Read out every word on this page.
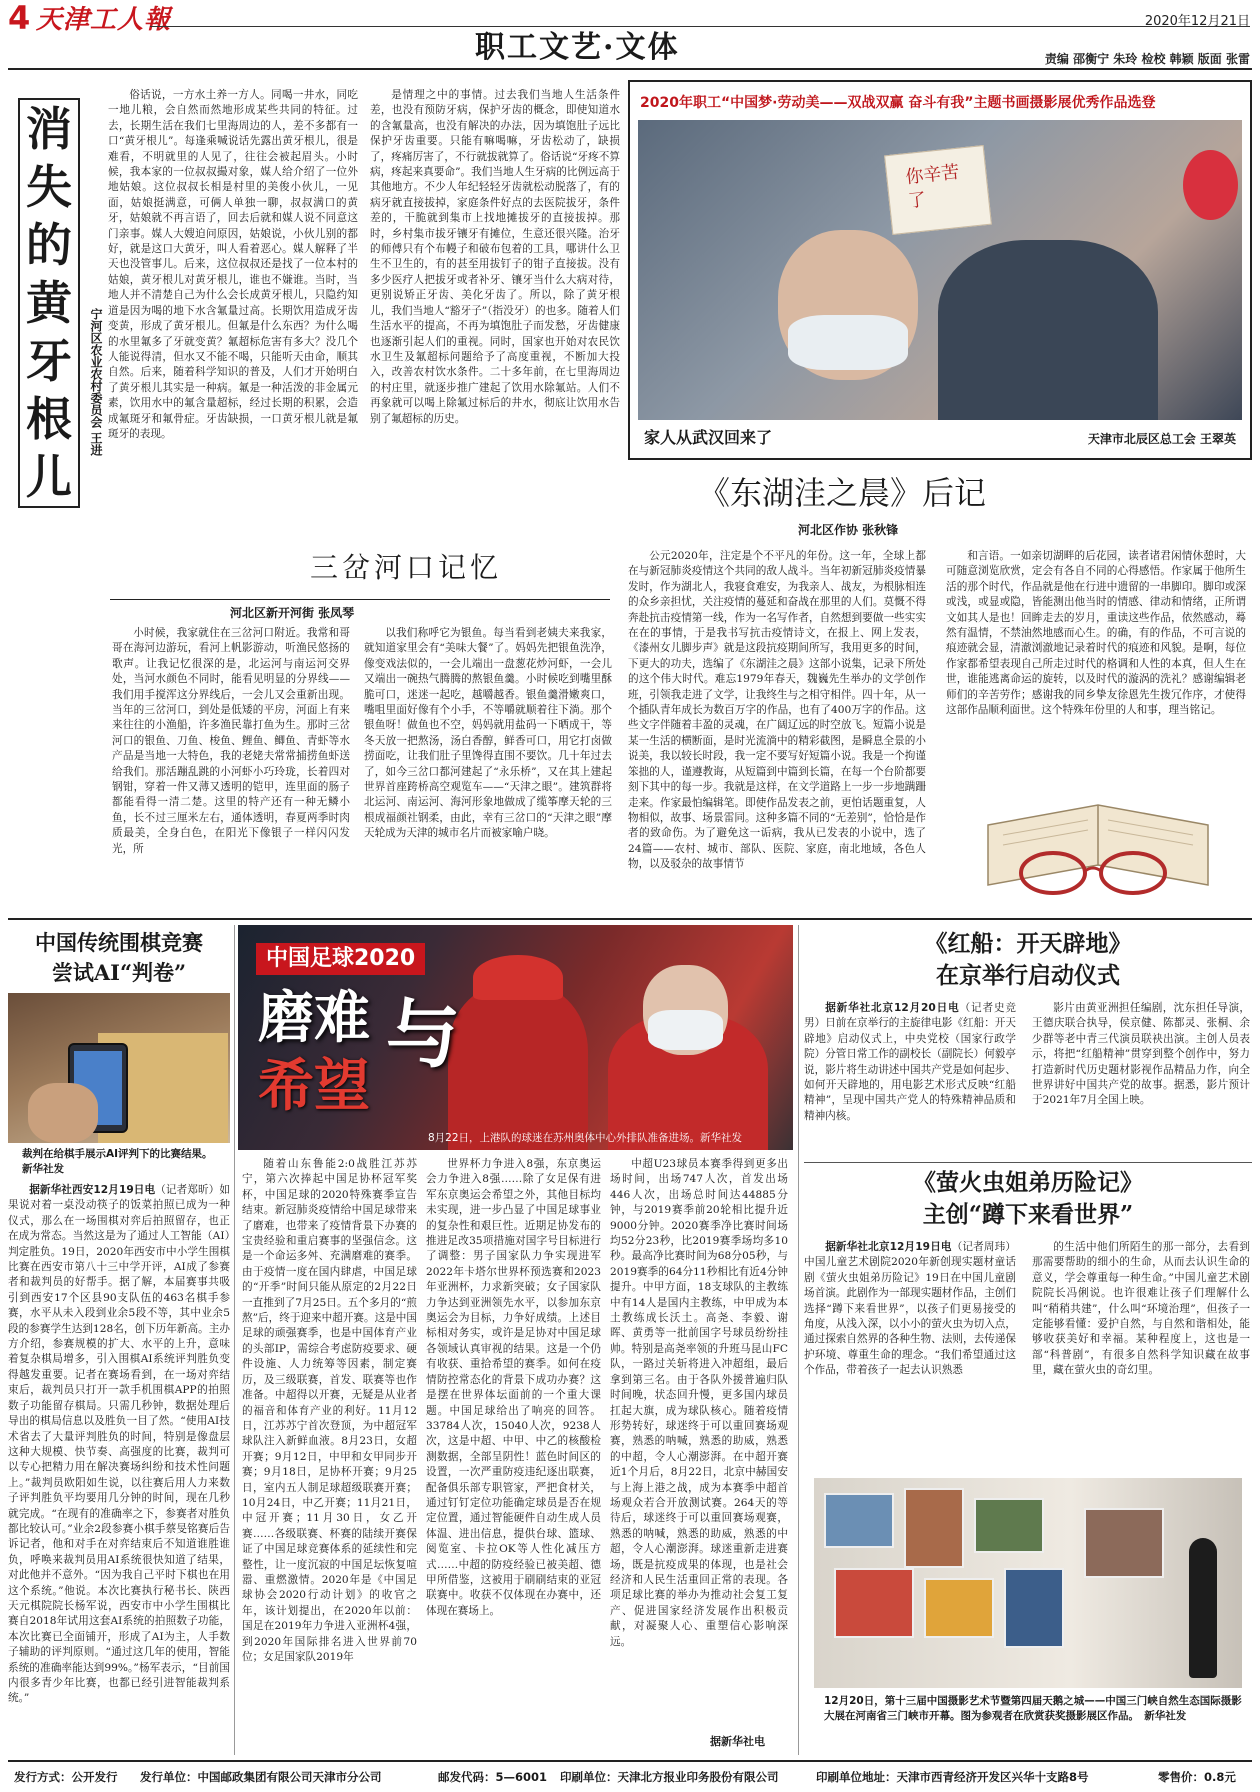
4 天津工人報	2020年12月21日
职工文艺·文体	责编 邵衡宁 朱玲 检校 韩颖 版面 张雷
消
失
的
黄
牙
根
儿
宁河区农业农村委员会 王进
俗话说，一方水土养一方人。同喝一井水，同吃一地儿粮，会自然而然地形成某些共同的特征。过去，长期生活在我们七里海周边的人，差不多都有一口“黄牙根儿”。每逢乘喊说话先露出黄牙根儿，很是难看，不明就里的人见了，往往会被起眉头。小时候，我本家的一位叔叔撮对象，媒人给介绍了一位外地姑娘。这位叔叔长相是村里的美俊小伙儿，一见面，姑娘挺满意，可俩人单独一聊，叔叔满口的黄牙，姑娘就不再言语了，回去后就和媒人说不同意这门亲事。媒人大嫂迫问原因，姑娘说，小伙儿别的都好，就是这口大黄牙，叫人看着恶心。媒人解释了半天也没管事儿。后来，这位叔叔还是找了一位本村的姑娘，黄牙根儿对黄牙根儿，谁也不嫌谁。当时，当地人并不清楚自己为什么会长成黄牙根儿，只隐约知道是因为喝的地下水含氟量过高。长期饮用造成牙齿变黄，形成了黄牙根儿。但氟是什么东西？为什么喝的水里氟多了牙就变黄？氟超标危害有多大？没几个人能说得清，但水又不能不喝，只能听天由命，顺其自然。后来，随着科学知识的普及，人们才开始明白了黄牙根儿其实是一种病。氟是一种活泼的非金属元素，饮用水中的氟含量超标，经过长期的积累，会造成氟斑牙和氟骨症。牙齿缺损，一口黄牙根儿就是氟斑牙的表现。
是情理之中的事情。过去我们当地人生活条件差，也没有预防牙病，保护牙齿的概念，即使知道水的含氟量高，也没有解决的办法，因为填饱肚子远比保护牙齿重要。只能有嘛喝嘛，牙齿松动了，缺损了，疼痛厉害了，不行就拔就算了。俗话说“牙疼不算病，疼起来真要命”。我们当地人生牙病的比例远高于其他地方。不少人年纪轻轻牙齿就松动脱落了，有的病牙就直接拔掉，家庭条件好点的去医院拔牙，条件差的，干脆就到集市上找地摊拔牙的直接拔掉。那时，乡村集市拔牙镶牙有摊位，生意还很兴隆。治牙的师傅只有个布幔子和破布包着的工具，哪讲什么卫生不卫生的，有的甚至用拔钉子的钳子直接拔。没有多少医疗人把拔牙或者补牙、镶牙当什么大病对待，更别说矫正牙齿、美化牙齿了。所以，除了黄牙根儿，我们当地人“豁牙子”（指没牙）的也多。随着人们生活水平的提高，不再为填饱肚子而发愁，牙齿健康也逐渐引起人们的重视。同时，国家也开始对农民饮水卫生及氟超标问题给予了高度重视，不断加大投入，改善农村饮水条件。二十多年前，在七里海周边的村庄里，就逐步推广建起了饮用水除氟站。人们不再象就可以喝上除氟过标后的井水，彻底让饮用水告别了氟超标的历史。
2020年职工“中国梦·劳动美——双战双赢 奋斗有我”主题书画摄影展优秀作品选登
你辛苦了
家人从武汉回来了	天津市北辰区总工会 王翠英
《东湖洼之晨》后记
河北区作协 张秋锋
公元2020年，注定是个不平凡的年份。这一年，全球上都在与新冠肺炎疫情这个共同的敌人战斗。当年初新冠肺炎疫情暴发时，作为湖北人，我寝食难安，为我亲人、战友，为根脉相连的众乡亲担忧，关注疫情的蔓延和奋战在那里的人们。莫慨不得奔赴抗击疫情第一线，作为一名写作者，自然想到要做一些实实在在的事情，于是我书写抗击疫情诗文，在报上、网上发表，《漆州女儿脚步声》就是这段抗疫期间所写，我用更多的时间，下更大的功夫，选编了《东湖洼之晨》这部小说集，记录下所处的这个伟大时代。难忘1979年春天，魏巍先生举办的文学创作班，引领我走进了文学，让我终生与之相守相伴。四十年，从一个插队青年成长为数百万字的作品，也有了400万字的作品。这些文字伴随着丰盈的灵魂，在广阔辽远的时空放飞。短篇小说是某一生活的横断面，是时光流淌中的精彩截图，是瞬息全景的小说美，我以较长时段，我一定不要写好短篇小说。我是一个拘谨笨拙的人，谨遵教诲，从短篇到中篇到长篇，在每一个台阶都要刻下其中的每一步。我就是这样，在文学道路上一步一步地蹒跚走来。作家最怕编辑笔。即使作品发表之前，更怕话题重复，人物相似，故事、场景雷同。这种多篇不同的“无差别”，恰恰是作者的致命伤。为了避免这一诟病，我从已发表的小说中，选了24篇——农村、城市、部队、医院、家庭，南北地域，各色人物，以及驳杂的故事情节
和言语。一如亲切湖畔的后花园，读者诸君闲情休憩时，大可随意浏览欣赏，定会有各自不同的心得感悟。作家属于他所生活的那个时代，作品就是他在行进中遗留的一串脚印。脚印或深或浅，或显或隐，皆能测出他当时的情感、律动和情绪，正所谓文如其人是也！回眸走去的岁月，重读这些作品，依然感动，蓦然有温情，不禁油然地感而心生。的确，有的作品，不可言说的痕迹就会显，清澈浏澈地记录着时代的痕迹和风貌。是啊，每位作家都希望表现自己所走过时代的格调和人性的本真，但人生在世，谁能逃离命运的旋转，以及时代的漩涡的洗礼？感谢编辑老师们的辛苦劳作；感谢我的同乡挚友徐恩先生拨冗作序，才使得这部作品顺利面世。这个特殊年份里的人和事，理当铭记。
三岔河口记忆
河北区新开河街 张凤琴
小时候，我家就住在三岔河口附近。我常和哥哥在海河边游玩，看河上帆影游动，听渔民悠扬的歌声。让我记忆很深的是，北运河与南运河交界处，当河水颜色不同时，能看见明显的分界线——我们用手搅浑这分界线后，一会儿又会重新出现。当年的三岔河口，到处是低矮的平房，河面上有来来往往的小渔船，许多渔民靠打鱼为生。那时三岔河口的银鱼、刀鱼、梭鱼、鲤鱼、鲫鱼、青虾等水产品是当地一大特色，我的老姥夫常常捕捞鱼虾送给我们。那活蹦乱跳的小河虾小巧玲珑，长着四对钢钳，穿着一件又薄又透明的铠甲，连里面的肠子都能看得一清二楚。这里的特产还有一种无鳞小鱼，长不过三厘米左右，通体透明，春夏两季时肉质最美，全身白色，在阳光下像银子一样闪闪发光，所
以我们称呼它为银鱼。每当看到老姨夫来我家，就知道家里会有“美味大餐”了。妈妈先把银鱼洗净，像变戏法似的，一会儿端出一盘葱花炒河虾，一会儿又端出一碗热气腾腾的熬银鱼羹。小时候吃到嘴里酥脆可口，迷迷一起吃，越嚼越香。银鱼羹滑嫩爽口，嘴咀里面好像有个小手，不等嚼就顺着往下淌。那个银鱼呀！做鱼也不空，妈妈就用盐码一下晒成干，等冬天放一把熬汤，汤白香醇，鲜香可口，用它打卤做捞面吃，让我们肚子里馋得直围不要饮。几十年过去了，如今三岔口都河建起了“永乐桥”，又在其上建起世界首座跨桥高空观览车——“天津之眼”。建筑群将北运河、南运河、海河形象地做成了缆筝摩天轮的三根成福颜社钢柔，由此，幸有三岔口的“天津之眼”摩天轮成为天津的城市名片而被家喻户晓。
中国传统围棋竞赛
尝试AI“判卷”
裁判在给棋手展示AI评判下的比赛结果。　新华社发
据新华社西安12月19日电（记者郑昕）如果说对着一桌没动筷子的饭菜拍照已成为一种仪式，那么在一场围棋对弈后拍照留存，也正在成为常态。当然这是为了通过人工智能（AI）判定胜负。19日，2020年西安市中小学生围棋比赛在西安市第八十三中学开评，AI成了参赛者和裁判员的好帮手。据了解，本届赛事共吸引到西安17个区县90支队伍的463名棋手参赛，水平从未入段到业余5段不等，其中业余5段的参赛学生达到128名，创下历年新高。主办方介绍，参赛规模的扩大、水平的上升，意味着复杂棋局增多，引入围棋AI系统评判胜负变得越发重要。记者在赛场看到，在一场对弈结束后，裁判员只打开一款手机围棋APP的拍照数子功能留存棋局。只需几秒钟，数据处理后导出的棋局信息以及胜负一目了然。“使用AI技术省去了大量评判胜负的时间，特别是像盘层这种大规模、快节奏、高强度的比赛，裁判可以专心把精力用在解决赛场纠纷和技术性问题上。”裁判员欧阳如生说，以往赛后用人力来数子评判胜负平均要用几分钟的时间，现在几秒就完成。“在现有的准确率之下，参赛者对胜负都比较认可。”业余2段参赛小棋手蔡旻铭赛后告诉记者，他和对手在对弈结束后不知道谁胜谁负，呼唤来裁判员用AI系统很快知道了结果，对此他并不意外。“因为我自己平时下棋也在用这个系统。”他说。本次比赛执行秘书长、陕西天元棋院院长杨军说，西安市中小学生围棋比赛自2018年试用这套AI系统的拍照数子功能，本次比赛已全面铺开，形成了AI为主，人手数子辅助的评判原则。“通过这几年的使用，智能系统的准确率能达到99%。”杨军表示，“目前国内很多青少年比赛，也都已经引进智能裁判系统。”
中国足球2020
磨难 与
希望
8月22日，上港队的球迷在苏州奥体中心外排队准备进场。新华社发
随着山东鲁能2:0战胜江苏苏宁，第六次捧起中国足协杯冠军奖杯，中国足球的2020特殊赛季宣告结束。新冠肺炎疫情给中国足球带来了磨难，也带来了疫情背景下办赛的宝贵经验和重启赛事的坚强信念。这是一个命运多舛、充满磨难的赛季。由于疫情一度在国内肆虐，中国足球的“开季”时间只能从原定的2月22日一直推到了7月25日。五个多月的“煎熬”后，终于迎来中超开赛。这是中国足球的顽强赛季，也是中国体育产业的头部IP，需综合考虑防疫要求、硬件设施、人力统筹等因素，制定赛历，及三级联赛，首发、联赛等也作准备。中超得以开赛，无疑是从业者的福音和体育产业的利好。11月12日，江苏苏宁首次登顶，为中超冠军球队注入新鲜血液。8月23日，女超开赛；9月12日，中甲和女甲同步开赛；9月18日，足协杯开赛；9月25日，室内五人制足球超级联赛开赛；10月24日，中乙开赛；11月21日，中冠开赛；11月30日，女乙开赛……各级联赛、杯赛的陆续开赛保证了中国足球竞赛体系的延续性和完整性，让一度沉寂的中国足坛恢复喧嚣、重燃激情。2020年是《中国足球协会2020行动计划》的收官之年，该计划提出，在2020年以前：国足在2019年力争进入亚洲杯4强，到2020年国际排名进入世界前70位；女足国家队2019年
世界杯力争进入8强，东京奥运会力争进入8强……除了女足保有进军东京奥运会希望之外，其他目标均未实现，进一步凸显了中国足球事业的复杂性和艰巨性。近期足协发布的推进足改35项措施对国字号目标进行了调整：男子国家队力争实现进军2022年卡塔尔世界杯预选赛和2023年亚洲杯，力求新突破；女子国家队力争达到亚洲领先水平，以参加东京奥运会为目标，力争好成绩。上述目标相对务实，或许是足协对中国足球各领域认真审视的结果。这是一个仍有收获、重拾希望的赛季。如何在疫情防控常态化的背景下成功办赛？这是摆在世界体坛面前的一个重大课题。中国足球给出了响亮的回答。33784人次，15040人次，9238人次，这是中超、中甲、中乙的核酸检测数据，全部呈阴性！蓝色时间区的设置，一次严重防疫违纪逐出联赛，配备俱乐部专职管家，严把食材关，通过钉钉定位功能确定球员是否在规定位置，通过智能硬件自动生成人员体温、进出信息，提供台球、篮球、阅览室、卡拉OK等人性化减压方式……中超的防疫经验已被美超、德甲所借鉴，这被用于刷刷结束的亚冠联赛中。收获不仅体现在办赛中，还体现在赛场上。
中超U23球员本赛季得到更多出场时间，出场747人次，首发出场446人次，出场总时间达44885分钟，与2019赛季前20轮相比提升近9000分钟。2020赛季净比赛时间场均52分23秒，比2019赛季场均多10秒。最高净比赛时间为68分05秒，与2019赛季的64分11秒相比有近4分钟提升。中甲方面，18支球队的主教练中有14人是国内主教练，中甲成为本土教练成长沃土。高尧、李毅、谢晖、黄勇等一批前国字号球员纷纷挂帅。特别是高尧率领的升班马昆山FC队，一路过关斩将进入冲超组，最后拿到第三名。由于各队外援普遍归队时间晚，状态回升慢，更多国内球员扛起大旗，成为球队核心。随着疫情形势转好，球迷终于可以重回赛场观赛，熟悉的呐喊，熟悉的助威，熟悉的中超，令人心潮澎湃。在中超开赛近1个月后，8月22日，北京中赫国安与上海上港之战，成为本赛季中超首场观众若合开放测试赛。264天的等待后，球迷终于可以重回赛场观赛，熟悉的呐喊，熟悉的助威，熟悉的中超，令人心潮澎湃。球迷重新走进赛场，既是抗疫成果的体现，也是社会经济和人民生活重回正常的表现。各项足球比赛的举办为推动社会复工复产、促进国家经济发展作出积极贡献，对凝聚人心、重塑信心影响深远。
据新华社电
《红船：开天辟地》
在京举行启动仪式
据新华社北京12月20日电（记者史竞男）日前在京举行的主旋律电影《红船：开天辟地》启动仪式上，中央党校（国家行政学院）分管日常工作的副校长（副院长）何毅亭说，影片将生动讲述中国共产党是如何起步、如何开天辟地的，用电影艺术形式反映“红船精神”，呈现中国共产党人的特殊精神品质和精神内核。
影片由黄亚洲担任编剧，沈东担任导演，王德庆联合执导，侯京健、陈都灵、张桐、余少群等老中青三代演员联袂出演。主创人员表示，将把“红船精神”贯穿到整个创作中，努力打造新时代历史题材影视作品精品力作，向全世界讲好中国共产党的故事。据悉，影片预计于2021年7月全国上映。
《萤火虫姐弟历险记》
主创“蹲下来看世界”
据新华社北京12月19日电（记者周玮）中国儿童艺术剧院2020年新创现实题材童话剧《萤火虫姐弟历险记》19日在中国儿童剧场首演。此剧作为一部现实题材作品，主创们选择“蹲下来看世界”，以孩子们更易接受的角度，从浅入深，以小小的萤火虫为切入点，通过探索自然界的各种生物、法则，去传递保护环境、尊重生命的理念。“我们希望通过这个作品，带着孩子一起去认识熟悉
的生活中他们所陌生的那一部分，去看到那需要帮助的细小的生命，从而去认识生命的意义，学会尊重每一种生命。”中国儿童艺术剧院院长冯俐说。也许很难让孩子们理解什么叫“稍稍共建”，什么叫“环境治理”，但孩子一定能够看懂：爱护自然，与自然和谐相处，能够收获美好和幸福。某种程度上，这也是一部“科普剧”，有很多自然科学知识藏在故事里，藏在萤火虫的奇幻里。
12月20日，第十三届中国摄影艺术节暨第四届天鹅之城——中国三门峡自然生态国际摄影大展在河南省三门峡市开幕。图为参观者在欣赏获奖摄影展区作品。　新华社发
发行方式：公开发行 发行单位：中国邮政集团有限公司天津市分公司	邮发代码：5—6001 印刷单位：天津北方报业印务股份有限公司	印刷单位地址：天津市西青经济开发区兴华十支路8号	零售价：0.8元
